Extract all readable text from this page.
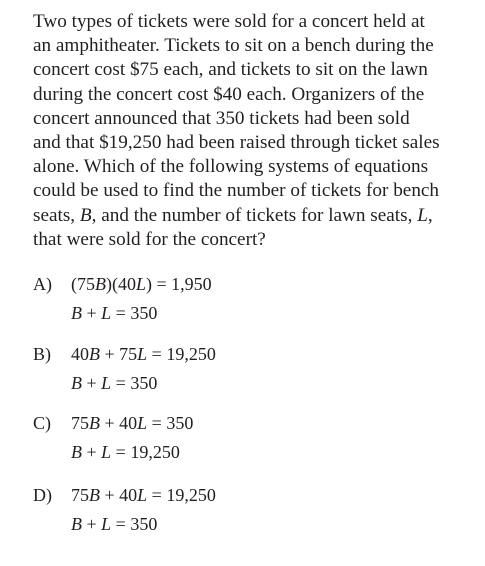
Two types of tickets were sold for a concert held at
an amphitheater. Tickets to sit on a bench during the
concert cost $75 each, and tickets to sit on the lawn
during the concert cost $40 each. Organizers of the
concert announced that 350 tickets had been sold
and that $19,250 had been raised through ticket sales
alone. Which of the following systems of equations
could be used to find the number of tickets for bench
seats, B, and the number of tickets for lawn seats, L,
that were sold for the concert?
A) (75B)(40L) = 1,950
B + L = 350
B) 40B + 75L = 19,250
B + L = 350
C) 75B + 40L = 350
B + L = 19,250
D) 75B + 40L = 19,250
B + L = 350
